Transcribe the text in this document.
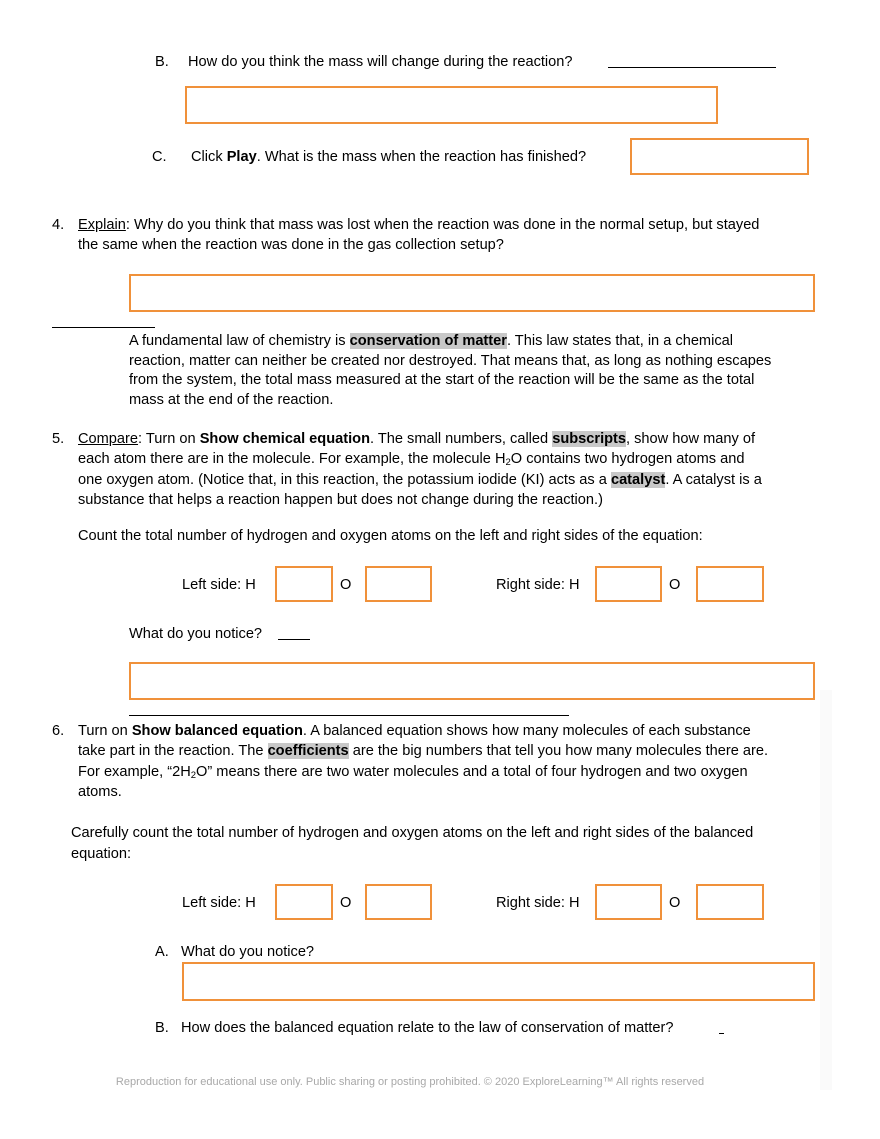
B. How do you think the mass will change during the reaction?
C. Click Play. What is the mass when the reaction has finished?
4. Explain: Why do you think that mass was lost when the reaction was done in the normal setup, but stayed
the same when the reaction was done in the gas collection setup?
A fundamental law of chemistry is conservation of matter. This law states that, in a chemical
reaction, matter can neither be created nor destroyed. That means that, as long as nothing escapes
from the system, the total mass measured at the start of the reaction will be the same as the total
mass at the end of the reaction.
5. Compare: Turn on Show chemical equation. The small numbers, called subscripts, show how many of
each atom there are in the molecule. For example, the molecule $H_2O$ contains two hydrogen atoms and
one oxygen atom. (Notice that, in this reaction, the potassium iodide (KI) acts as a catalyst. A catalyst is a
substance that helps a reaction happen but does not change during the reaction.)
Count the total number of hydrogen and oxygen atoms on the left and right sides of the equation:
Left side: H	O	Right side: H	O
What do you notice?
6. Turn on Show balanced equation. A balanced equation shows how many molecules of each substance
take part in the reaction. The coefficients are the big numbers that tell you how many molecules there are.
For example, “$2H_2O$” means there are two water molecules and a total of four hydrogen and two oxygen
atoms.
Carefully count the total number of hydrogen and oxygen atoms on the left and right sides of the balanced
equation:
Left side: H	O	Right side: H	O
A. What do you notice?
B. How does the balanced equation relate to the law of conservation of matter?
Reproduction for educational use only. Public sharing or posting prohibited. © 2020 ExploreLearning™ All rights reserved
